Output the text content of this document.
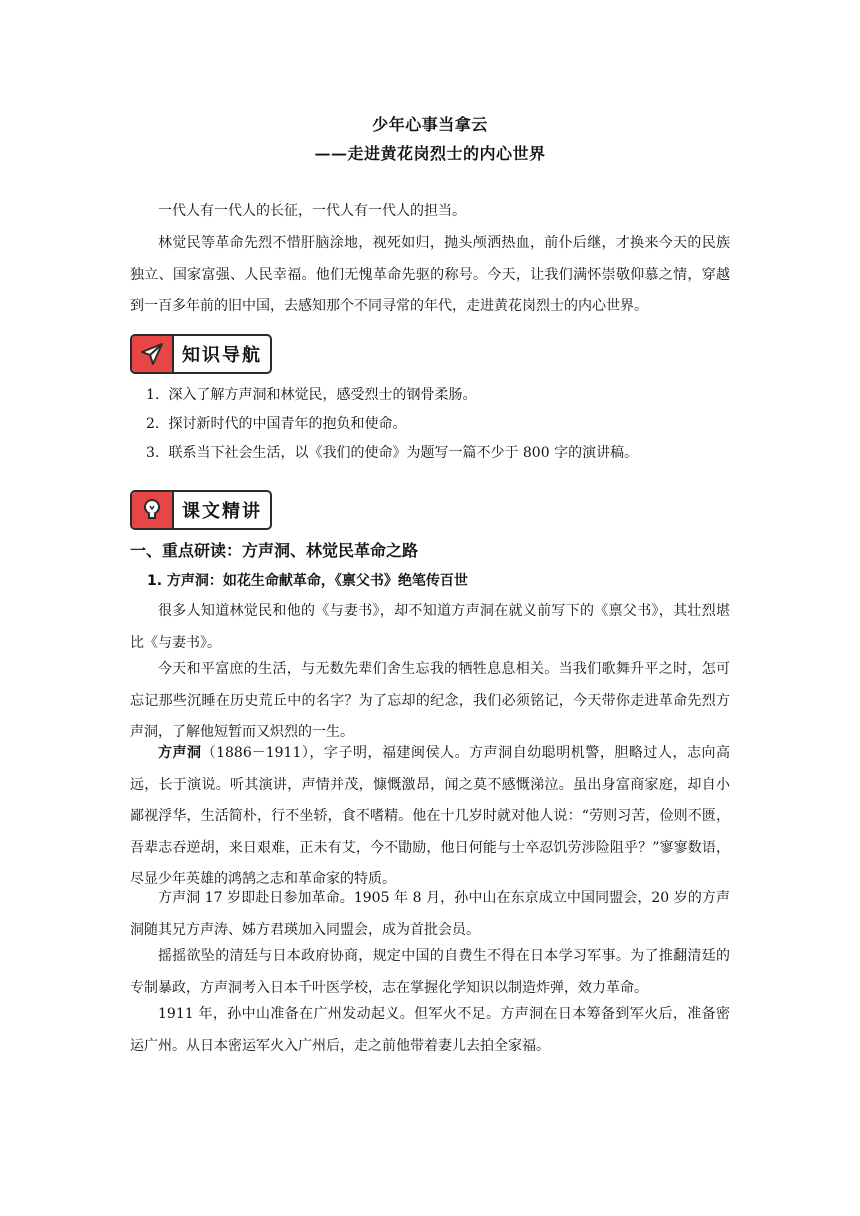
少年心事当拿云
——走进黄花岗烈士的内心世界
一代人有一代人的长征，一代人有一代人的担当。
林觉民等革命先烈不惜肝脑涂地，视死如归，抛头颅洒热血，前仆后继，才换来今天的民族独立、国家富强、人民幸福。他们无愧革命先驱的称号。今天，让我们满怀崇敬仰慕之情，穿越到一百多年前的旧中国，去感知那个不同寻常的年代，走进黄花岗烈士的内心世界。
知识导航
1. 深入了解方声洞和林觉民，感受烈士的钢骨柔肠。
2. 探讨新时代的中国青年的抱负和使命。
3. 联系当下社会生活，以《我们的使命》为题写一篇不少于 800 字的演讲稿。
课文精讲
一、重点研读：方声洞、林觉民革命之路
1. 方声洞：如花生命献革命，《禀父书》绝笔传百世
很多人知道林觉民和他的《与妻书》，却不知道方声洞在就义前写下的《禀父书》，其壮烈堪比《与妻书》。
今天和平富庶的生活，与无数先辈们舍生忘我的牺牲息息相关。当我们歌舞升平之时，怎可忘记那些沉睡在历史荒丘中的名字？为了忘却的纪念，我们必须铭记，今天带你走进革命先烈方声洞，了解他短暂而又炽烈的一生。
方声洞（1886－1911），字子明，福建闽侯人。方声洞自幼聪明机警，胆略过人，志向高远，长于演说。听其演讲，声情并茂，慷慨激昂，闻之莫不感慨涕泣。虽出身富商家庭，却自小鄙视浮华，生活简朴，行不坐轿，食不嗜精。他在十几岁时就对他人说：“劳则习苦，俭则不匮，吾辈志吞逆胡，来日艰难，正未有艾，今不勖励，他日何能与士卒忍饥劳涉险阻乎？”寥寥数语，尽显少年英雄的鸿鹄之志和革命家的特质。
方声洞 17 岁即赴日参加革命。1905 年 8 月，孙中山在东京成立中国同盟会，20 岁的方声洞随其兄方声涛、姊方君瑛加入同盟会，成为首批会员。
摇摇欲坠的清廷与日本政府协商，规定中国的自费生不得在日本学习军事。为了推翻清廷的专制暴政，方声洞考入日本千叶医学校，志在掌握化学知识以制造炸弹，效力革命。
1911 年，孙中山准备在广州发动起义。但军火不足。方声洞在日本筹备到军火后，准备密运广州。从日本密运军火入广州后，走之前他带着妻儿去拍全家福。
